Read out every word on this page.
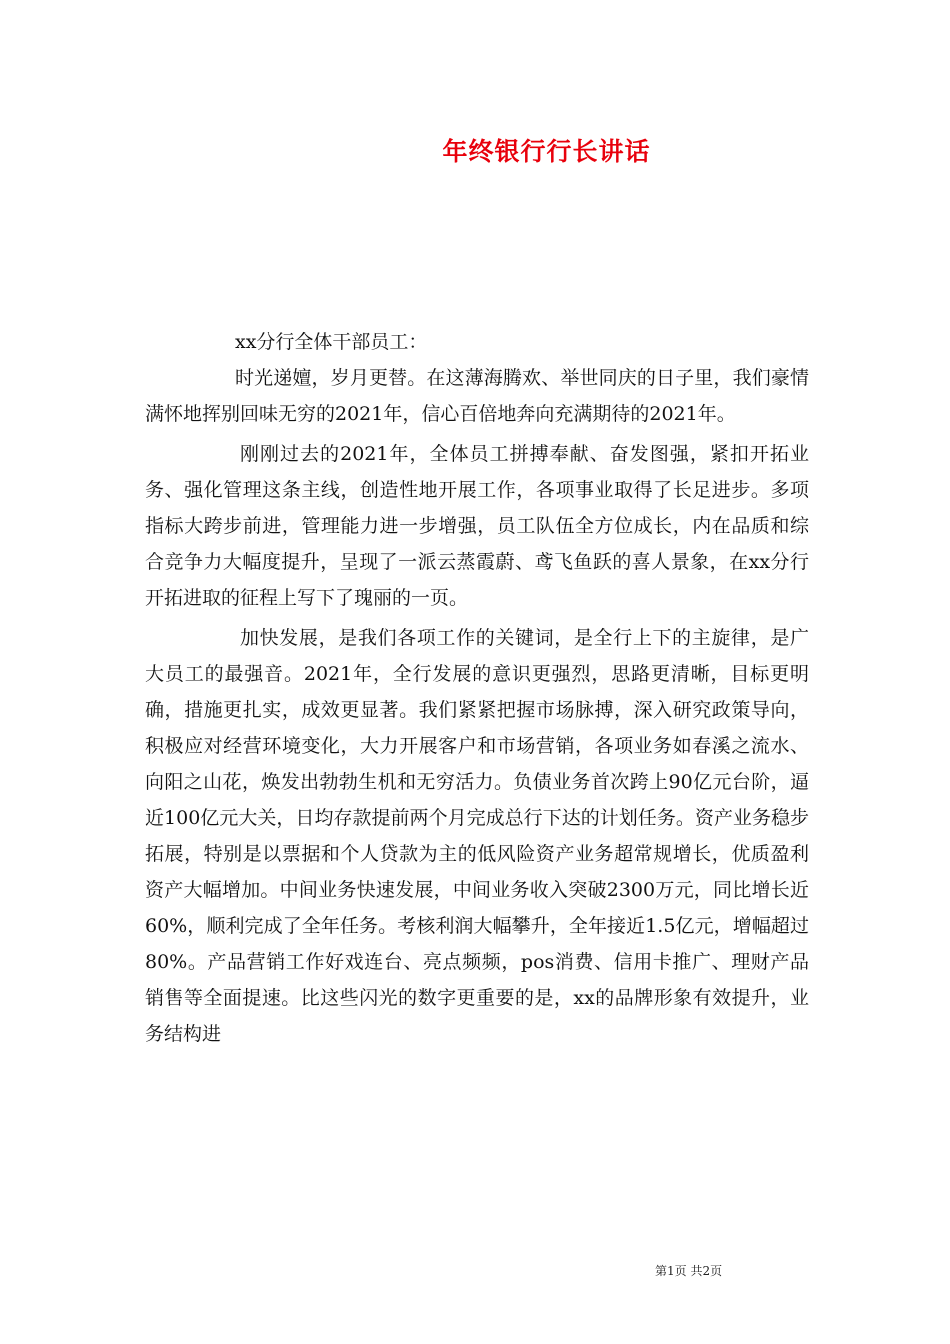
年终银行行长讲话

xx分行全体干部员工：

时光递嬗，岁月更替。在这薄海腾欢、举世同庆的日子里，我们豪情满怀地挥别回味无穷的2021年，信心百倍地奔向充满期待的2021年。

刚刚过去的2021年，全体员工拼搏奉献、奋发图强，紧扣开拓业务、强化管理这条主线，创造性地开展工作，各项事业取得了长足进步。多项指标大跨步前进，管理能力进一步增强，员工队伍全方位成长，内在品质和综合竞争力大幅度提升，呈现了一派云蒸霞蔚、鸢飞鱼跃的喜人景象，在xx分行开拓进取的征程上写下了瑰丽的一页。

加快发展，是我们各项工作的关键词，是全行上下的主旋律，是广大员工的最强音。2021年，全行发展的意识更强烈，思路更清晰，目标更明确，措施更扎实，成效更显著。我们紧紧把握市场脉搏，深入研究政策导向，积极应对经营环境变化，大力开展客户和市场营销，各项业务如春溪之流水、向阳之山花，焕发出勃勃生机和无穷活力。负债业务首次跨上90亿元台阶，逼近100亿元大关，日均存款提前两个月完成总行下达的计划任务。资产业务稳步拓展，特别是以票据和个人贷款为主的低风险资产业务超常规增长，优质盈利资产大幅增加。中间业务快速发展，中间业务收入突破2300万元，同比增长近60%，顺利完成了全年任务。考核利润大幅攀升，全年接近1.5亿元，增幅超过80%。产品营销工作好戏连台、亮点频频，pos消费、信用卡推广、理财产品销售等全面提速。比这些闪光的数字更重要的是，xx的品牌形象有效提升，业务结构进

第1页 共2页
